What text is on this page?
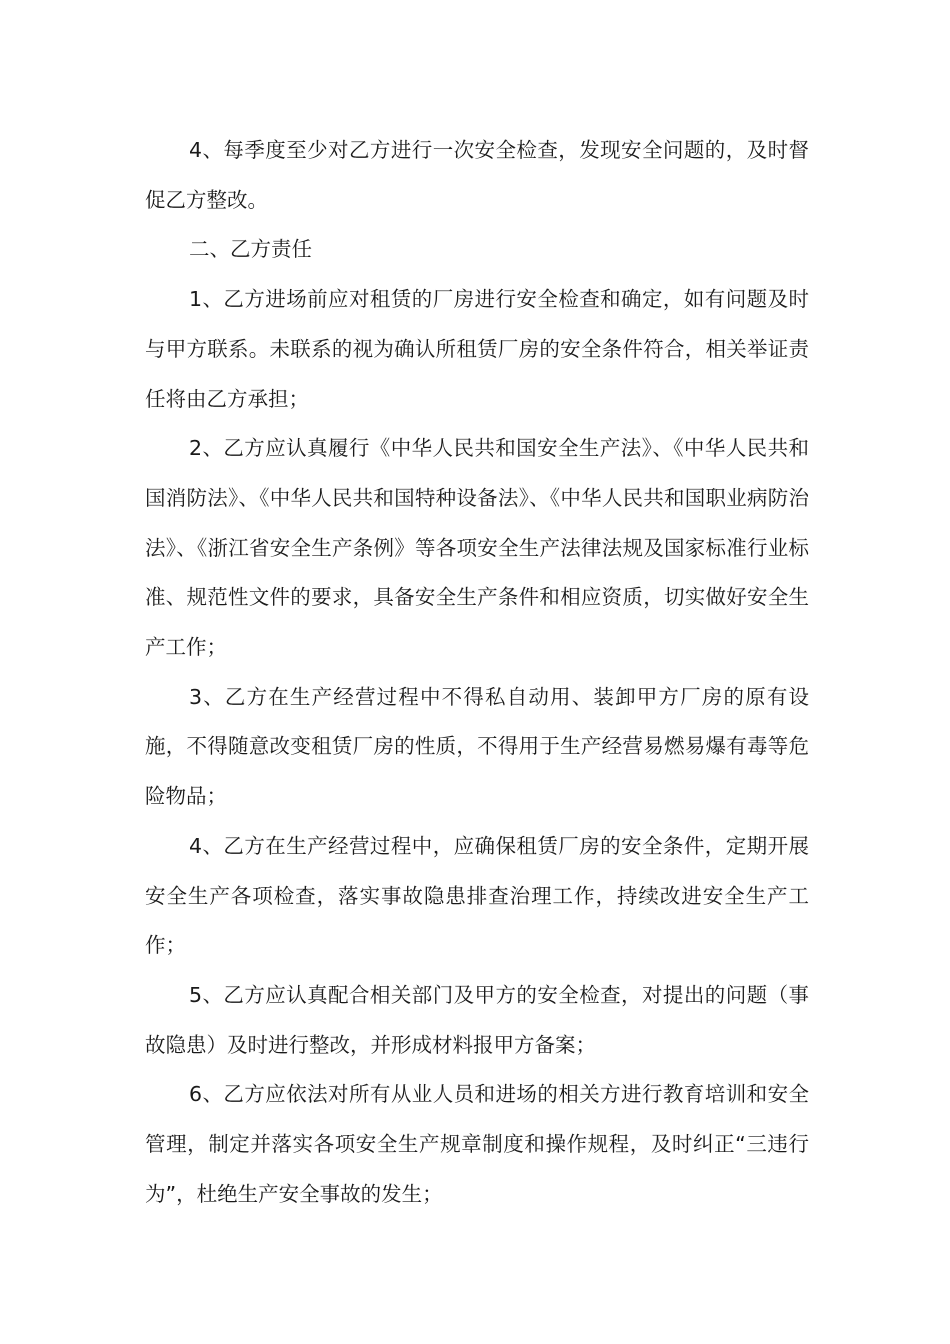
4、每季度至少对乙方进行一次安全检查，发现安全问题的，及时督促乙方整改。

二、乙方责任

1、乙方进场前应对租赁的厂房进行安全检查和确定，如有问题及时与甲方联系。未联系的视为确认所租赁厂房的安全条件符合，相关举证责任将由乙方承担；

2、乙方应认真履行《中华人民共和国安全生产法》、《中华人民共和国消防法》、《中华人民共和国特种设备法》、《中华人民共和国职业病防治法》、《浙江省安全生产条例》等各项安全生产法律法规及国家标准行业标准、规范性文件的要求，具备安全生产条件和相应资质，切实做好安全生产工作；

3、乙方在生产经营过程中不得私自动用、装卸甲方厂房的原有设施，不得随意改变租赁厂房的性质，不得用于生产经营易燃易爆有毒等危险物品；

4、乙方在生产经营过程中，应确保租赁厂房的安全条件，定期开展安全生产各项检查，落实事故隐患排查治理工作，持续改进安全生产工作；

5、乙方应认真配合相关部门及甲方的安全检查，对提出的问题（事故隐患）及时进行整改，并形成材料报甲方备案；

6、乙方应依法对所有从业人员和进场的相关方进行教育培训和安全管理，制定并落实各项安全生产规章制度和操作规程，及时纠正“三违行为”，杜绝生产安全事故的发生；
